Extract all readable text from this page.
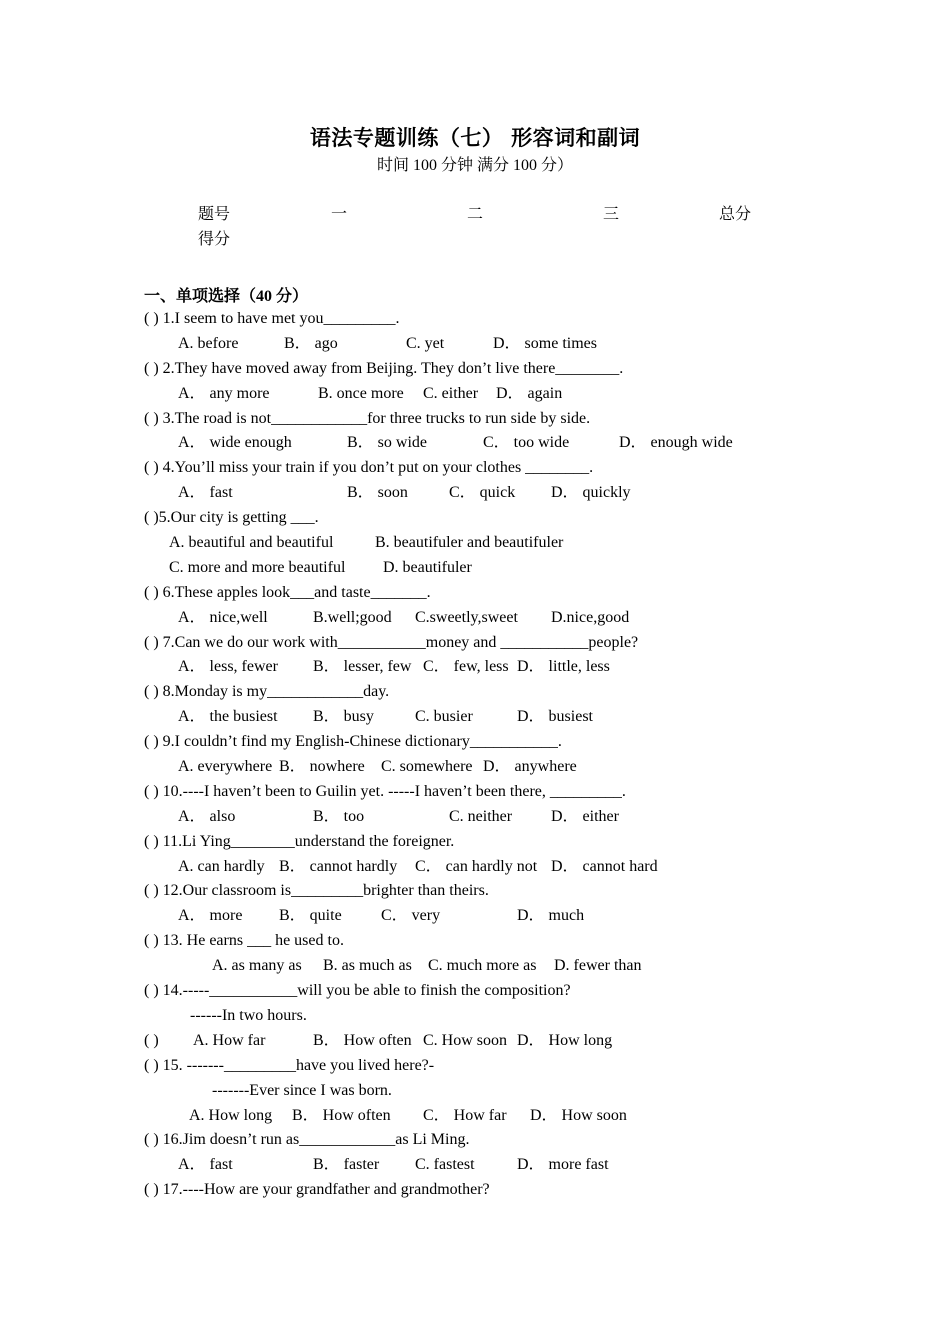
语法专题训练（七） 形容词和副词
时间 100 分钟 满分 100 分）
题号	一	二	三	总分
得分
一、单项选择（40 分）
( ) 1.I seem to have met you_________.
A. before	B． ago	C. yet	D． some times
( ) 2.They have moved away from Beijing. They don’t live there________.
A． any more	B. once more C. either D． again
( ) 3.The road is not____________for three trucks to run side by side.
A． wide enough	B． so wide	C． too wide	D． enough wide
( ) 4.You’ll miss your train if you don’t put on your clothes ________.
A． fast	B． soon	C． quick D． quickly
( )5.Our city is getting ___.
A. beautiful and beautiful	B. beautifuler and beautifuler
C. more and more beautiful D. beautifuler
( ) 6.These apples look___and taste_______.
A． nice,well	B.well;good C.sweetly,sweet D.nice,good
( ) 7.Can we do our work with___________money and ___________people?
A． less, fewer B． lesser, few C． few, less D． little, less
( ) 8.Monday is my____________day.
A． the busiest B． busy	C. busier	D． busiest
( ) 9.I couldn’t find my English-Chinese dictionary___________.
A. everywhere B． nowhere C. somewhere D． anywhere
( ) 10.----I haven’t been to Guilin yet. -----I haven’t been there, _________.
A． also	B． too	C. neither D． either
( ) 11.Li Ying________understand the foreigner.
A. can hardly B． cannot hardly C． can hardly not D． cannot hard
( ) 12.Our classroom is_________brighter than theirs.
A． more B． quite C． very	D． much
( ) 13. He earns ___ he used to.
A. as many as B. as much as C. much more as D. fewer than
( ) 14.-----___________will you be able to finish the composition?
------In two hours.
( ) A. How far	B． How often C. How soon D． How long
( ) 15. -------_________have you lived here?-
-------Ever since I was born.
A. How long B． How often C． How far D． How soon
( ) 16.Jim doesn’t run as____________as Li Ming.
A． fast	B． faster C. fastest	D． more fast
( ) 17.----How are your grandfather and grandmother?
